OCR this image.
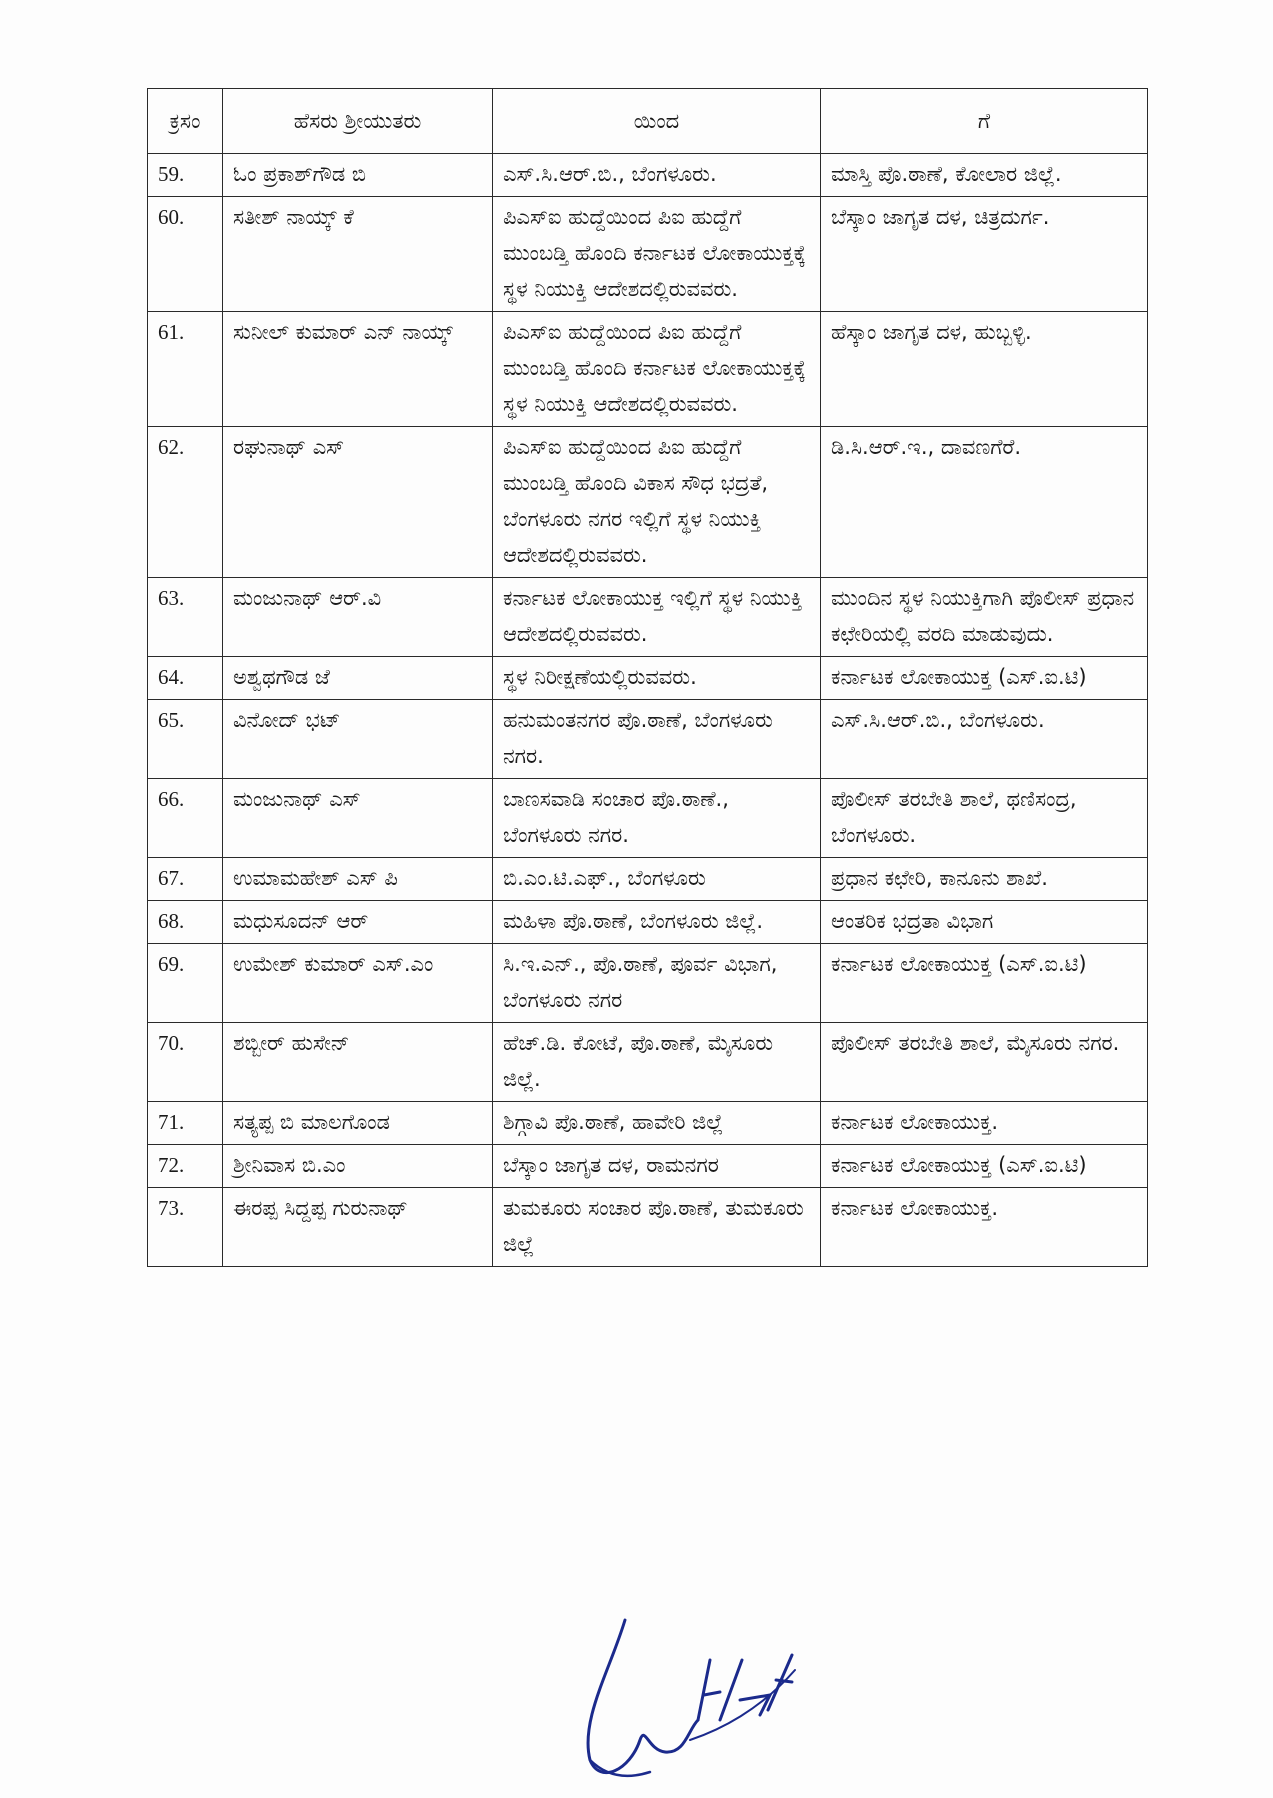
ಕ್ರಸಂ	ಹೆಸರು ಶ್ರೀಯುತರು	ಯಿಂದ	ಗೆ
59.	ಓಂ ಪ್ರಕಾಶ್‌ಗೌಡ ಬಿ	ಎಸ್.ಸಿ.ಆರ್.ಬಿ., ಬೆಂಗಳೂರು.	ಮಾಸ್ತಿ ಪೊ.ಠಾಣೆ, ಕೋಲಾರ ಜಿಲ್ಲೆ.
60.	ಸತೀಶ್ ನಾಯ್ಕ್ ಕೆ	ಪಿಎಸ್‌ಐ ಹುದ್ದೆಯಿಂದ ಪಿಐ ಹುದ್ದೆಗೆ ಮುಂಬಡ್ತಿ ಹೊಂದಿ ಕರ್ನಾಟಕ ಲೋಕಾಯುಕ್ತಕ್ಕೆ ಸ್ಥಳ ನಿಯುಕ್ತಿ ಆದೇಶದಲ್ಲಿರುವವರು.	ಬೆಸ್ಕಾಂ ಜಾಗೃತ ದಳ, ಚಿತ್ರದುರ್ಗ.
61.	ಸುನೀಲ್ ಕುಮಾರ್ ಎನ್ ನಾಯ್ಕ್	ಪಿಎಸ್‌ಐ ಹುದ್ದೆಯಿಂದ ಪಿಐ ಹುದ್ದೆಗೆ ಮುಂಬಡ್ತಿ ಹೊಂದಿ ಕರ್ನಾಟಕ ಲೋಕಾಯುಕ್ತಕ್ಕೆ ಸ್ಥಳ ನಿಯುಕ್ತಿ ಆದೇಶದಲ್ಲಿರುವವರು.	ಹೆಸ್ಕಾಂ ಜಾಗೃತ ದಳ, ಹುಬ್ಬಳ್ಳಿ.
62.	ರಘುನಾಥ್ ಎಸ್	ಪಿಎಸ್‌ಐ ಹುದ್ದೆಯಿಂದ ಪಿಐ ಹುದ್ದೆಗೆ ಮುಂಬಡ್ತಿ ಹೊಂದಿ ವಿಕಾಸ ಸೌಧ ಭದ್ರತೆ, ಬೆಂಗಳೂರು ನಗರ ಇಲ್ಲಿಗೆ ಸ್ಥಳ ನಿಯುಕ್ತಿ ಆದೇಶದಲ್ಲಿರುವವರು.	ಡಿ.ಸಿ.ಆರ್.ಇ., ದಾವಣಗೆರೆ.
63.	ಮಂಜುನಾಥ್ ಆರ್.ವಿ	ಕರ್ನಾಟಕ ಲೋಕಾಯುಕ್ತ ಇಲ್ಲಿಗೆ ಸ್ಥಳ ನಿಯುಕ್ತಿ ಆದೇಶದಲ್ಲಿರುವವರು.	ಮುಂದಿನ ಸ್ಥಳ ನಿಯುಕ್ತಿಗಾಗಿ ಪೊಲೀಸ್ ಪ್ರಧಾನ ಕಛೇರಿಯಲ್ಲಿ ವರದಿ ಮಾಡುವುದು.
64.	ಅಶ್ವಥಗೌಡ ಜೆ	ಸ್ಥಳ ನಿರೀಕ್ಷಣೆಯಲ್ಲಿರುವವರು.	ಕರ್ನಾಟಕ ಲೋಕಾಯುಕ್ತ (ಎಸ್.ಐ.ಟಿ)
65.	ವಿನೋದ್ ಭಟ್	ಹನುಮಂತನಗರ ಪೊ.ಠಾಣೆ, ಬೆಂಗಳೂರು ನಗರ.	ಎಸ್.ಸಿ.ಆರ್.ಬಿ., ಬೆಂಗಳೂರು.
66.	ಮಂಜುನಾಥ್ ಎಸ್	ಬಾಣಸವಾಡಿ ಸಂಚಾರ ಪೊ.ಠಾಣೆ., ಬೆಂಗಳೂರು ನಗರ.	ಪೊಲೀಸ್ ತರಬೇತಿ ಶಾಲೆ, ಥಣಿಸಂದ್ರ, ಬೆಂಗಳೂರು.
67.	ಉಮಾಮಹೇಶ್ ಎಸ್ ಪಿ	ಬಿ.ಎಂ.ಟಿ.ಎಫ್., ಬೆಂಗಳೂರು	ಪ್ರಧಾನ ಕಛೇರಿ, ಕಾನೂನು ಶಾಖೆ.
68.	ಮಧುಸೂದನ್ ಆರ್	ಮಹಿಳಾ ಪೊ.ಠಾಣೆ, ಬೆಂಗಳೂರು ಜಿಲ್ಲೆ.	ಆಂತರಿಕ ಭದ್ರತಾ ವಿಭಾಗ
69.	ಉಮೇಶ್ ಕುಮಾರ್ ಎಸ್.ಎಂ	ಸಿ.ಇ.ಎನ್., ಪೊ.ಠಾಣೆ, ಪೂರ್ವ ವಿಭಾಗ, ಬೆಂಗಳೂರು ನಗರ	ಕರ್ನಾಟಕ ಲೋಕಾಯುಕ್ತ (ಎಸ್.ಐ.ಟಿ)
70.	ಶಬ್ಬೀರ್ ಹುಸೇನ್	ಹೆಚ್.ಡಿ. ಕೋಟೆ, ಪೊ.ಠಾಣೆ, ಮೈಸೂರು ಜಿಲ್ಲೆ.	ಪೊಲೀಸ್ ತರಬೇತಿ ಶಾಲೆ, ಮೈಸೂರು ನಗರ.
71.	ಸತ್ಯಪ್ಪ ಬಿ ಮಾಲಗೊಂಡ	ಶಿಗ್ಗಾವಿ ಪೊ.ಠಾಣೆ, ಹಾವೇರಿ ಜಿಲ್ಲೆ	ಕರ್ನಾಟಕ ಲೋಕಾಯುಕ್ತ.
72.	ಶ್ರೀನಿವಾಸ ಬಿ.ಎಂ	ಬೆಸ್ಕಾಂ ಜಾಗೃತ ದಳ, ರಾಮನಗರ	ಕರ್ನಾಟಕ ಲೋಕಾಯುಕ್ತ (ಎಸ್.ಐ.ಟಿ)
73.	ಈರಪ್ಪ ಸಿದ್ದಪ್ಪ ಗುರುನಾಥ್	ತುಮಕೂರು ಸಂಚಾರ ಪೊ.ಠಾಣೆ, ತುಮಕೂರು ಜಿಲ್ಲೆ	ಕರ್ನಾಟಕ ಲೋಕಾಯುಕ್ತ.
